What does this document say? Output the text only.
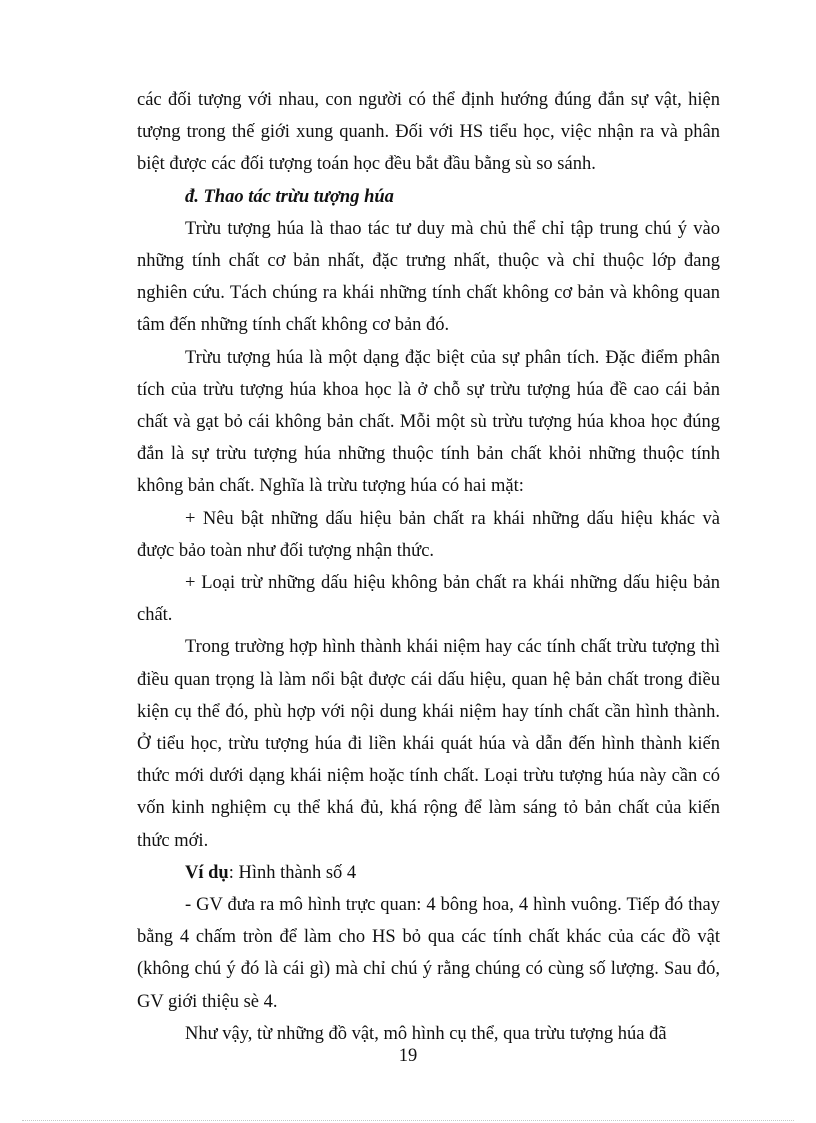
các đối tượng với nhau, con người có thể định hướng đúng đắn sự vật, hiện tượng trong thế giới xung quanh. Đối với HS tiểu học, việc nhận ra và phân biệt được các đối tượng toán học đều bắt đầu bằng sù so sánh.

đ. Thao tác trừu tượng húa

Trừu tượng húa là thao tác tư duy mà chủ thể chỉ tập trung chú ý vào những tính chất cơ bản nhất, đặc trưng nhất, thuộc và chỉ thuộc lớp đang nghiên cứu. Tách chúng ra khái những tính chất không cơ bản và không quan tâm đến những tính chất không cơ bản đó.

Trừu tượng húa là một dạng đặc biệt của sự phân tích. Đặc điểm phân tích của trừu tượng húa khoa học là ở chỗ sự trừu tượng húa đề cao cái bản chất và gạt bỏ cái không bản chất. Mỗi một sù trừu tượng húa khoa học đúng đắn là sự trừu tượng húa những thuộc tính bản chất khỏi những thuộc tính không bản chất. Nghĩa là trừu tượng húa có hai mặt:

+ Nêu bật những dấu hiệu bản chất ra khái những dấu hiệu khác và được bảo toàn như đối tượng nhận thức.

+ Loại trừ những dấu hiệu không bản chất ra khái những dấu hiệu bản chất.

Trong trường hợp hình thành khái niệm hay các tính chất trừu tượng thì điều quan trọng là làm nổi bật được cái dấu hiệu, quan hệ bản chất trong điều kiện cụ thể đó, phù hợp với nội dung khái niệm hay tính chất cần hình thành. Ở tiểu học, trừu tượng húa đi liền khái quát húa và dẫn đến hình thành kiến thức mới dưới dạng khái niệm hoặc tính chất. Loại trừu tượng húa này cần có vốn kinh nghiệm cụ thể khá đủ, khá rộng để làm sáng tỏ bản chất của kiến thức mới.

Ví dụ: Hình thành số 4

- GV đưa ra mô hình trực quan: 4 bông hoa, 4 hình vuông. Tiếp đó thay bằng 4 chấm tròn để làm cho HS bỏ qua các tính chất khác của các đồ vật (không chú ý đó là cái gì) mà chỉ chú ý rằng chúng có cùng số lượng. Sau đó, GV giới thiệu sè 4.

Như vậy, từ những đồ vật, mô hình cụ thể, qua trừu tượng húa đã

19
